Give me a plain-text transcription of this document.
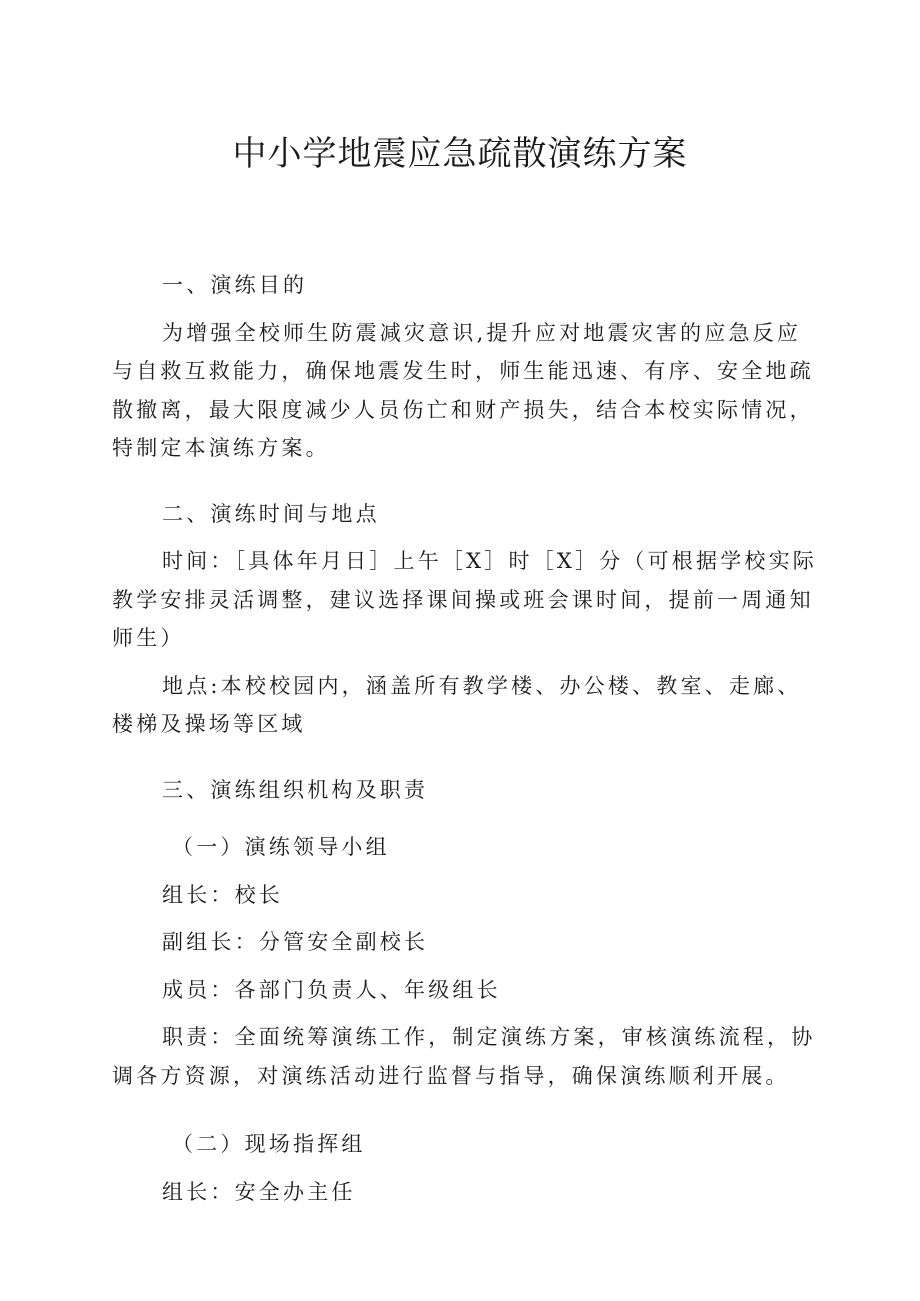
中小学地震应急疏散演练方案

一、演练目的

为增强全校师生防震减灾意识,提升应对地震灾害的应急反应与自救互救能力，确保地震发生时，师生能迅速、有序、安全地疏散撤离，最大限度减少人员伤亡和财产损失，结合本校实际情况，特制定本演练方案。

二、演练时间与地点

时间：［具体年月日］上午［X］时［X］分（可根据学校实际教学安排灵活调整，建议选择课间操或班会课时间，提前一周通知师生）

地点:本校校园内，涵盖所有教学楼、办公楼、教室、走廊、楼梯及操场等区域

三、演练组织机构及职责

（一）演练领导小组

组长：校长

副组长：分管安全副校长

成员：各部门负责人、年级组长

职责：全面统筹演练工作，制定演练方案，审核演练流程，协调各方资源，对演练活动进行监督与指导，确保演练顺利开展。

（二）现场指挥组

组长：安全办主任
